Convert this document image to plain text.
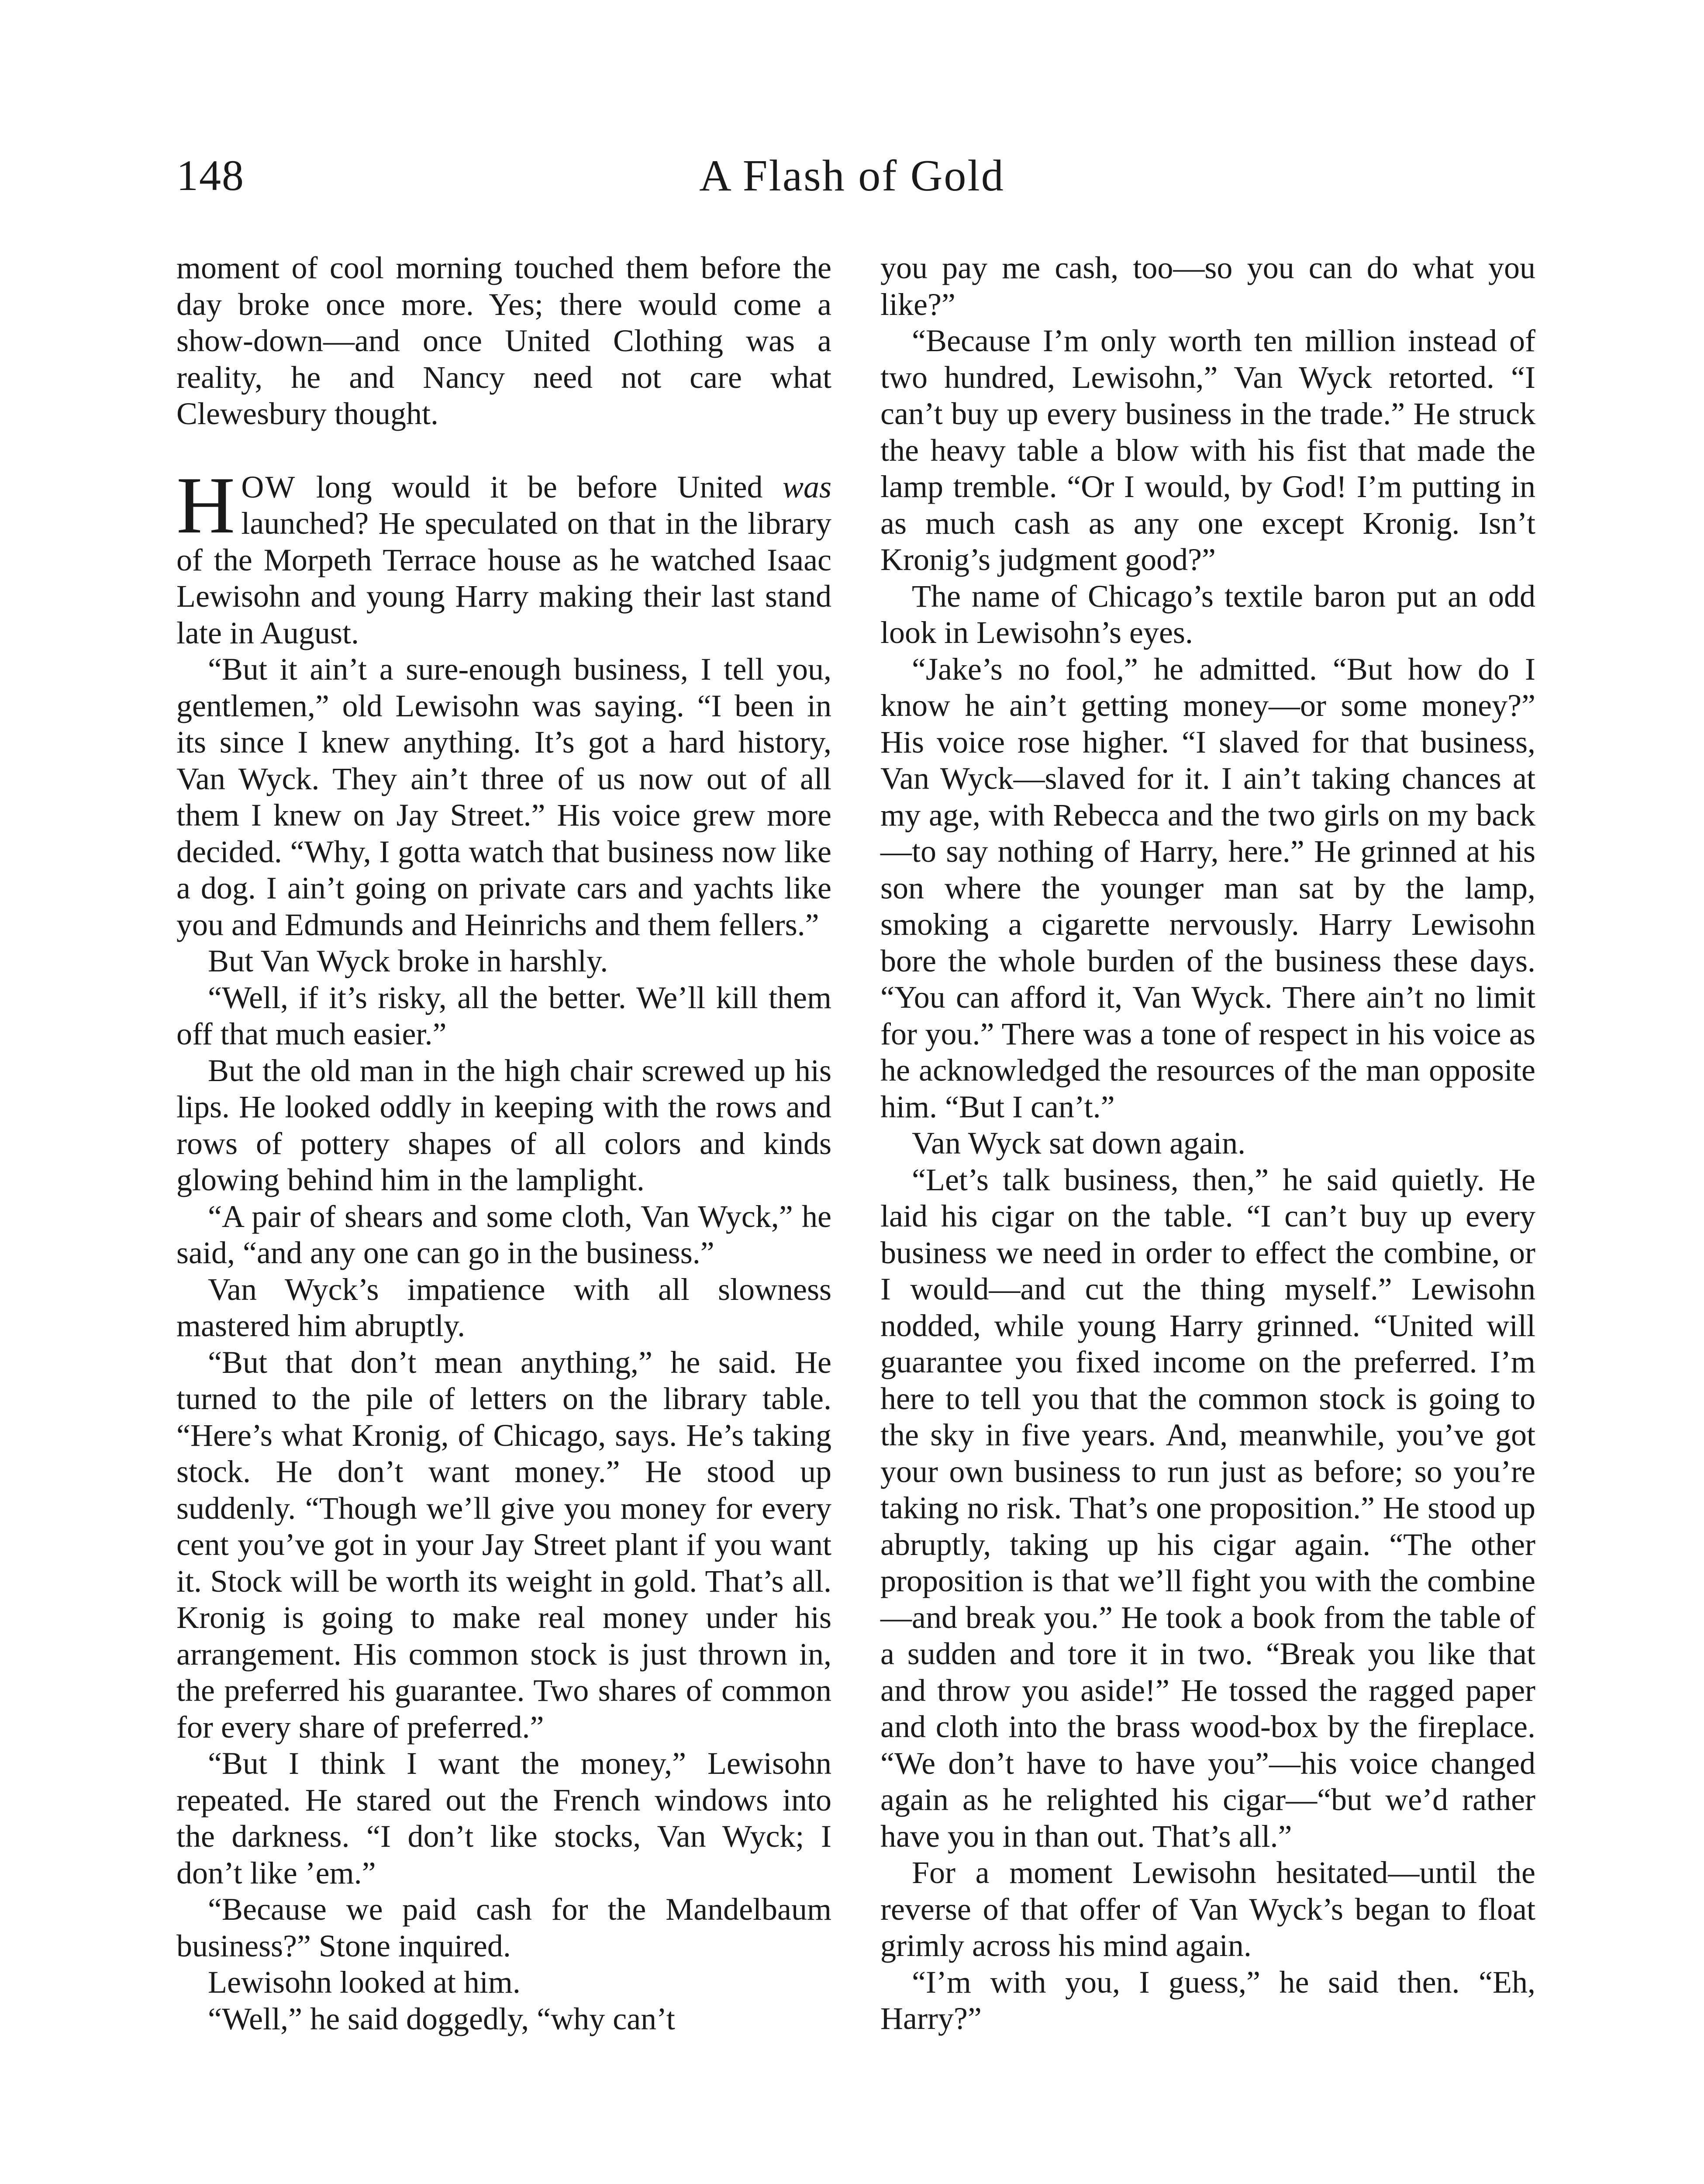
148	A Flash of Gold

moment of cool morning touched them before the day broke once more. Yes; there would come a show-down—and once United Clothing was a reality, he and Nancy need not care what Clewesbury thought.

HOW long would it be before United was launched? He speculated on that in the library of the Morpeth Terrace house as he watched Isaac Lewisohn and young Harry making their last stand late in August.

“But it ain’t a sure-enough business, I tell you, gentlemen,” old Lewisohn was saying. “I been in its since I knew anything. It’s got a hard history, Van Wyck. They ain’t three of us now out of all them I knew on Jay Street.” His voice grew more decided. “Why, I gotta watch that business now like a dog. I ain’t going on private cars and yachts like you and Edmunds and Heinrichs and them fellers.”

But Van Wyck broke in harshly.

“Well, if it’s risky, all the better. We’ll kill them off that much easier.”

But the old man in the high chair screwed up his lips. He looked oddly in keeping with the rows and rows of pottery shapes of all colors and kinds glowing behind him in the lamplight.

“A pair of shears and some cloth, Van Wyck,” he said, “and any one can go in the business.”

Van Wyck’s impatience with all slowness mastered him abruptly.

“But that don’t mean anything,” he said. He turned to the pile of letters on the library table. “Here’s what Kronig, of Chicago, says. He’s taking stock. He don’t want money.” He stood up suddenly. “Though we’ll give you money for every cent you’ve got in your Jay Street plant if you want it. Stock will be worth its weight in gold. That’s all. Kronig is going to make real money under his arrangement. His common stock is just thrown in, the preferred his guarantee. Two shares of common for every share of preferred.”

“But I think I want the money,” Lewisohn repeated. He stared out the French windows into the darkness. “I don’t like stocks, Van Wyck; I don’t like ’em.”

“Because we paid cash for the Mandelbaum business?” Stone inquired.

Lewisohn looked at him.

“Well,” he said doggedly, “why can’t

you pay me cash, too—so you can do what you like?”

“Because I’m only worth ten million instead of two hundred, Lewisohn,” Van Wyck retorted. “I can’t buy up every business in the trade.” He struck the heavy table a blow with his fist that made the lamp tremble. “Or I would, by God! I’m putting in as much cash as any one except Kronig. Isn’t Kronig’s judgment good?”

The name of Chicago’s textile baron put an odd look in Lewisohn’s eyes.

“Jake’s no fool,” he admitted. “But how do I know he ain’t getting money—or some money?” His voice rose higher. “I slaved for that business, Van Wyck—slaved for it. I ain’t taking chances at my age, with Rebecca and the two girls on my back—to say nothing of Harry, here.” He grinned at his son where the younger man sat by the lamp, smoking a cigarette nervously. Harry Lewisohn bore the whole burden of the business these days. “You can afford it, Van Wyck. There ain’t no limit for you.” There was a tone of respect in his voice as he acknowledged the resources of the man opposite him. “But I can’t.”

Van Wyck sat down again.

“Let’s talk business, then,” he said quietly. He laid his cigar on the table. “I can’t buy up every business we need in order to effect the combine, or I would—and cut the thing myself.” Lewisohn nodded, while young Harry grinned. “United will guarantee you fixed income on the preferred. I’m here to tell you that the common stock is going to the sky in five years. And, meanwhile, you’ve got your own business to run just as before; so you’re taking no risk. That’s one proposition.” He stood up abruptly, taking up his cigar again. “The other proposition is that we’ll fight you with the combine—and break you.” He took a book from the table of a sudden and tore it in two. “Break you like that and throw you aside!” He tossed the ragged paper and cloth into the brass wood-box by the fireplace. “We don’t have to have you”—his voice changed again as he relighted his cigar—“but we’d rather have you in than out. That’s all.”

For a moment Lewisohn hesitated—until the reverse of that offer of Van Wyck’s began to float grimly across his mind again.

“I’m with you, I guess,” he said then. “Eh, Harry?”
